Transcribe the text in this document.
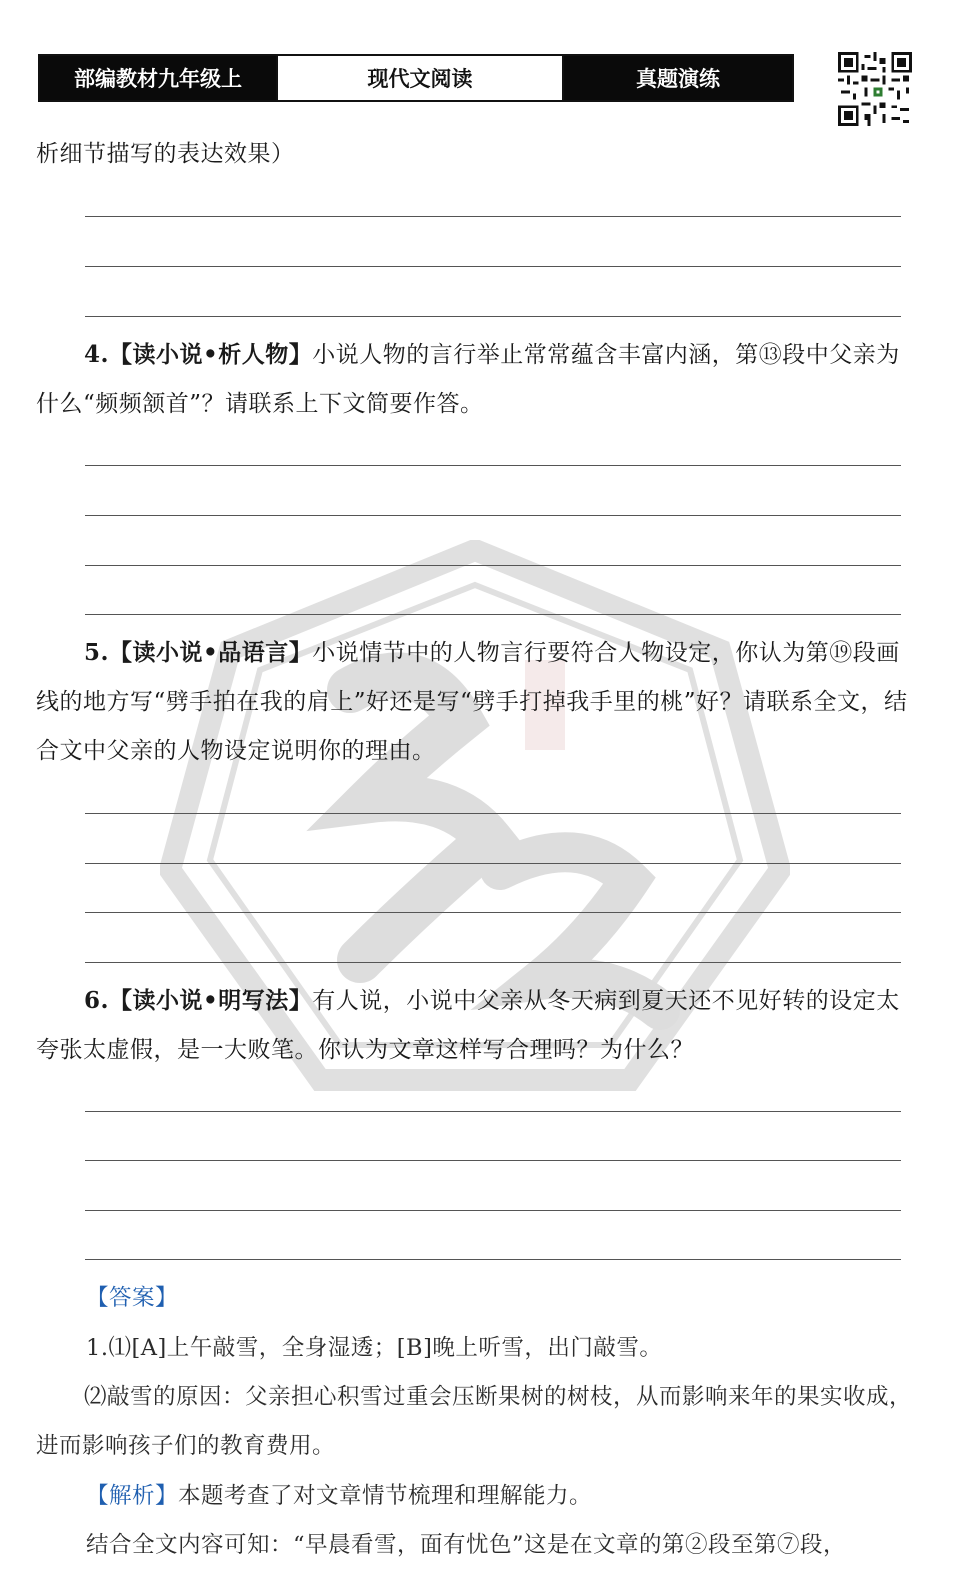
部编教材九年级上	现代文阅读	真题演练
析细节描写的表达效果）
4.【读小说•析人物】小说人物的言行举止常常蕴含丰富内涵，第⑬段中父亲为什么“频频颔首”？请联系上下文简要作答。
5.【读小说•品语言】小说情节中的人物言行要符合人物设定，你认为第⑲段画线的地方写“劈手拍在我的肩上”好还是写“劈手打掉我手里的桃”好？请联系全文，结合文中父亲的人物设定说明你的理由。
6.【读小说•明写法】有人说，小说中父亲从冬天病到夏天还不见好转的设定太夸张太虚假，是一大败笔。你认为文章这样写合理吗？为什么？
【答案】
1.⑴[A]上午敲雪，全身湿透；[B]晚上听雪，出门敲雪。
⑵敲雪的原因：父亲担心积雪过重会压断果树的树枝，从而影响来年的果实收成，进而影响孩子们的教育费用。
【解析】本题考查了对文章情节梳理和理解能力。
结合全文内容可知：“早晨看雪，面有忧色”这是在文章的第②段至第⑦段，
